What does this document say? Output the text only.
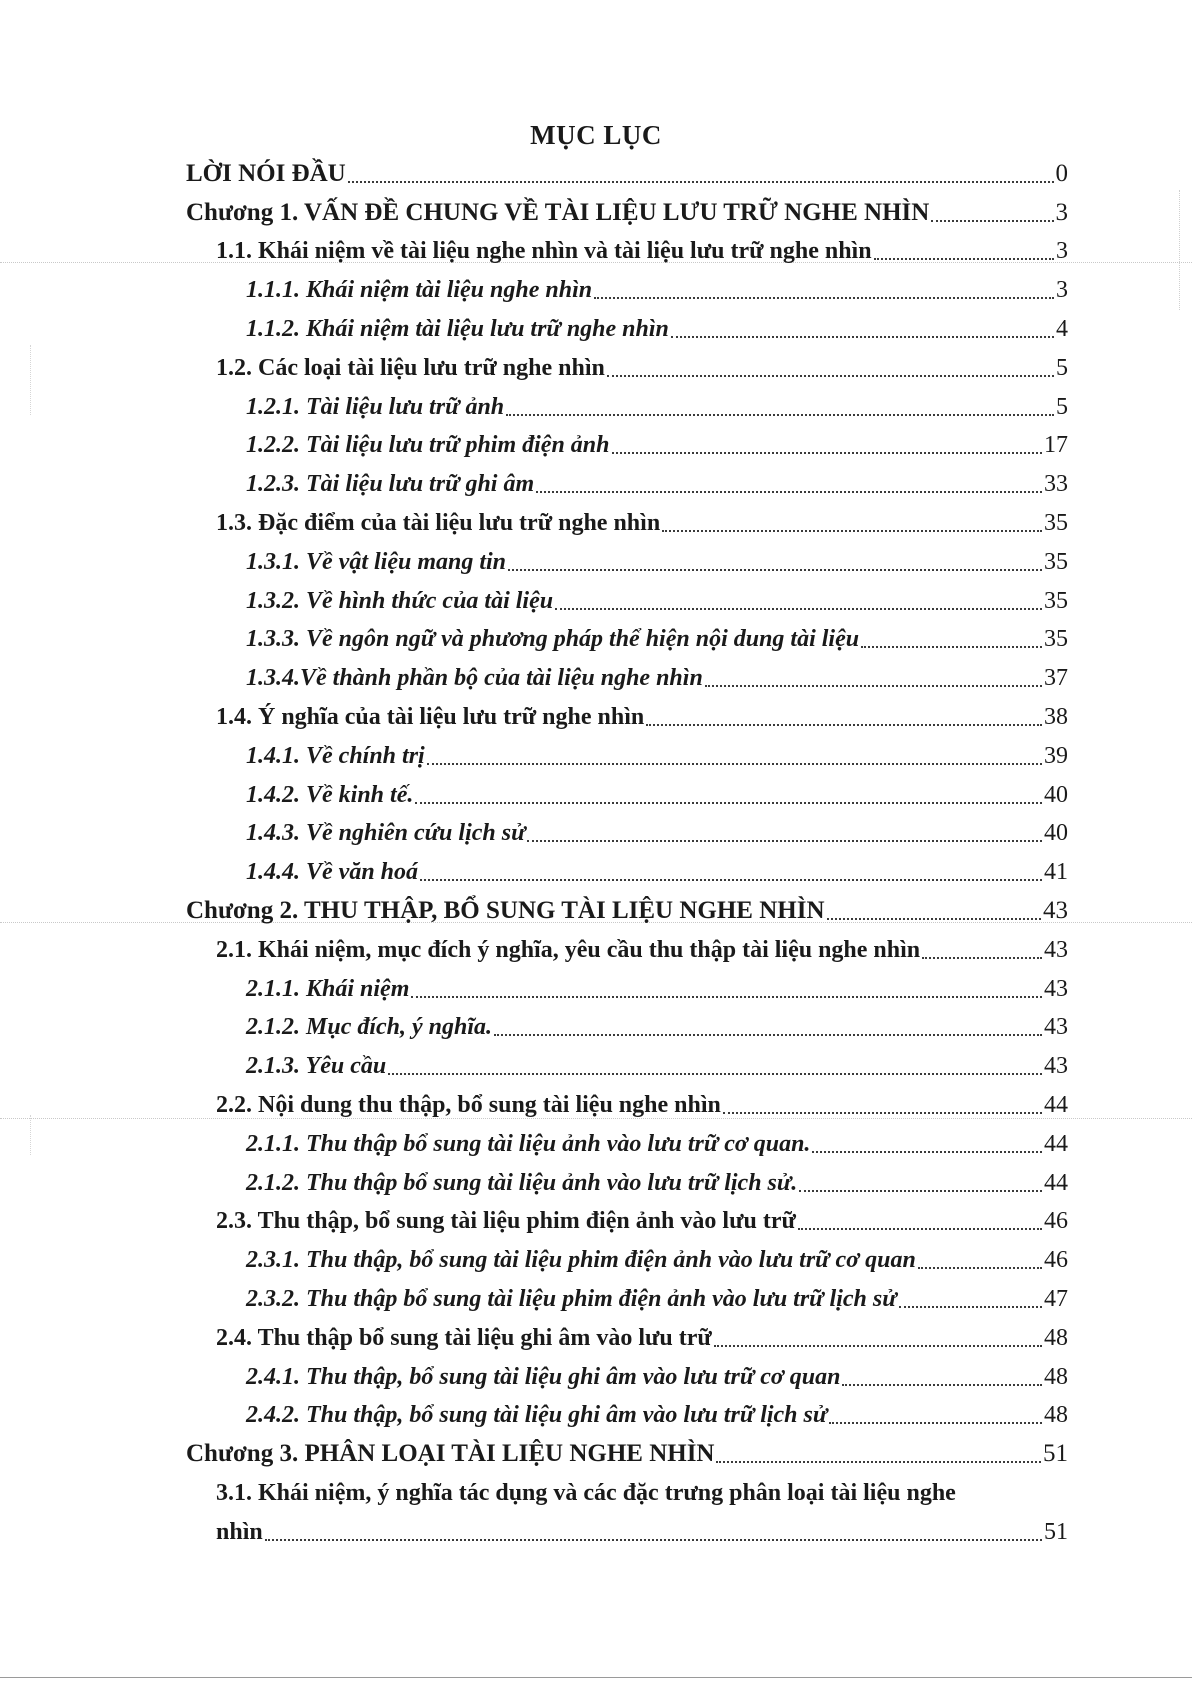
MỤC LỤC
LỜI NÓI ĐẦU	0
Chương 1. VẤN ĐỀ CHUNG VỀ TÀI LIỆU LƯU TRỮ NGHE NHÌN	3
1.1. Khái niệm về tài liệu nghe nhìn và tài liệu lưu trữ nghe nhìn	3
1.1.1. Khái niệm tài liệu nghe nhìn	3
1.1.2. Khái niệm tài liệu lưu trữ nghe nhìn	4
1.2. Các loại tài liệu lưu trữ nghe nhìn	5
1.2.1. Tài liệu lưu trữ ảnh	5
1.2.2. Tài liệu lưu trữ phim điện ảnh	17
1.2.3. Tài liệu lưu trữ ghi âm	33
1.3. Đặc điểm của tài liệu lưu trữ nghe nhìn	35
1.3.1. Về vật liệu mang tin	35
1.3.2. Về hình thức của tài liệu	35
1.3.3. Về ngôn ngữ và phương pháp thể hiện nội dung tài liệu	35
1.3.4.Về thành phần bộ của tài liệu nghe nhìn	37
1.4. Ý nghĩa của tài liệu lưu trữ nghe nhìn	38
1.4.1. Về chính trị	39
1.4.2. Về kinh tế.	40
1.4.3. Về nghiên cứu lịch sử	40
1.4.4. Về văn hoá	41
Chương 2. THU THẬP, BỔ SUNG TÀI LIỆU NGHE NHÌN	43
2.1. Khái niệm, mục đích ý nghĩa, yêu cầu thu thập tài liệu nghe nhìn	43
2.1.1. Khái niệm	43
2.1.2. Mục đích, ý nghĩa.	43
2.1.3. Yêu cầu	43
2.2. Nội dung thu thập, bổ sung tài liệu nghe nhìn	44
2.1.1. Thu thập bổ sung tài liệu ảnh vào lưu trữ cơ quan.	44
2.1.2. Thu thập bổ sung tài liệu ảnh vào lưu trữ lịch sử.	44
2.3. Thu thập, bổ sung tài liệu phim điện ảnh vào lưu trữ	46
2.3.1. Thu thập, bổ sung tài liệu phim điện ảnh vào lưu trữ cơ quan	46
2.3.2. Thu thập bổ sung tài liệu phim điện ảnh vào lưu trữ lịch sử	47
2.4. Thu thập bổ sung tài liệu ghi âm vào lưu trữ	48
2.4.1. Thu thập, bổ sung tài liệu ghi âm vào lưu trữ cơ quan	48
2.4.2. Thu thập, bổ sung tài liệu ghi âm vào lưu trữ lịch sử	48
Chương 3. PHÂN LOẠI TÀI LIỆU NGHE NHÌN	51
3.1. Khái niệm, ý nghĩa tác dụng và các đặc trưng phân loại tài liệu nghe
nhìn	51
